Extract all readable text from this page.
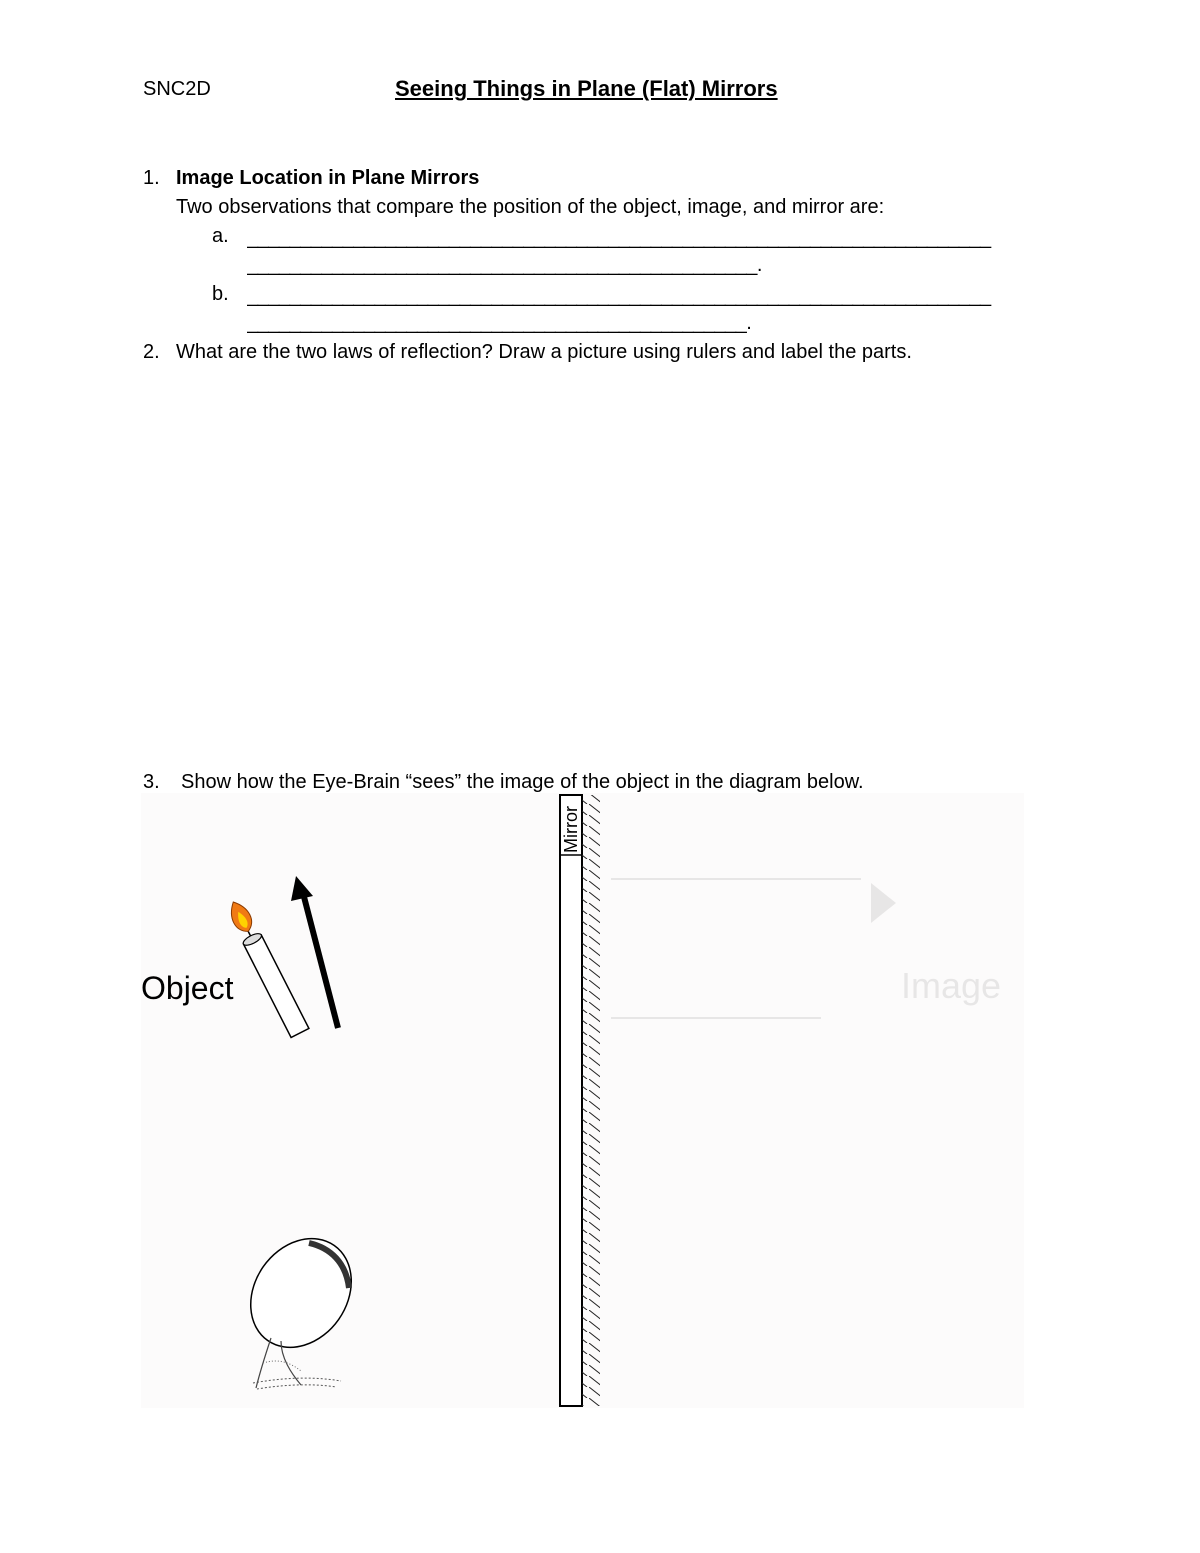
SNC2D	Seeing Things in Plane (Flat) Mirrors
1. Image Location in Plane Mirrors
Two observations that compare the position of the object, image, and mirror are:
a. ______________________________________________________________________
________________________________________________.
b. ______________________________________________________________________
_______________________________________________.
2. What are the two laws of reflection? Draw a picture using rulers and label the parts.
3. Show how the Eye-Brain “sees” the image of the object in the diagram below.
Image
Mirror
Object
